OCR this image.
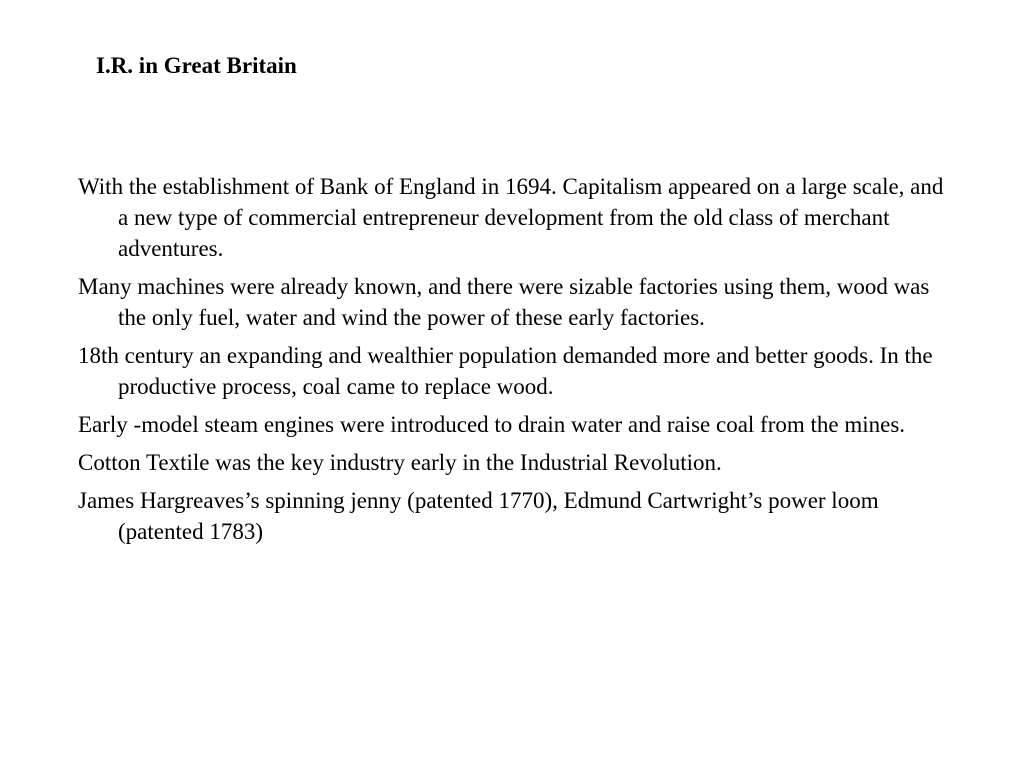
I.R. in Great Britain
With the establishment of Bank of England in 1694. Capitalism appeared on a large scale, and a new type of commercial entrepreneur development from the old class of merchant adventures.
Many machines were already known, and there were sizable factories using them, wood was the only fuel, water and wind the power of these early factories.
18th century an expanding and wealthier population demanded more and better goods. In the productive process, coal came to replace wood.
Early -model steam engines were introduced to drain water and raise coal from the mines.
Cotton Textile was the key industry early in the Industrial Revolution.
James Hargreaves’s spinning jenny (patented 1770), Edmund Cartwright’s power loom (patented 1783)
